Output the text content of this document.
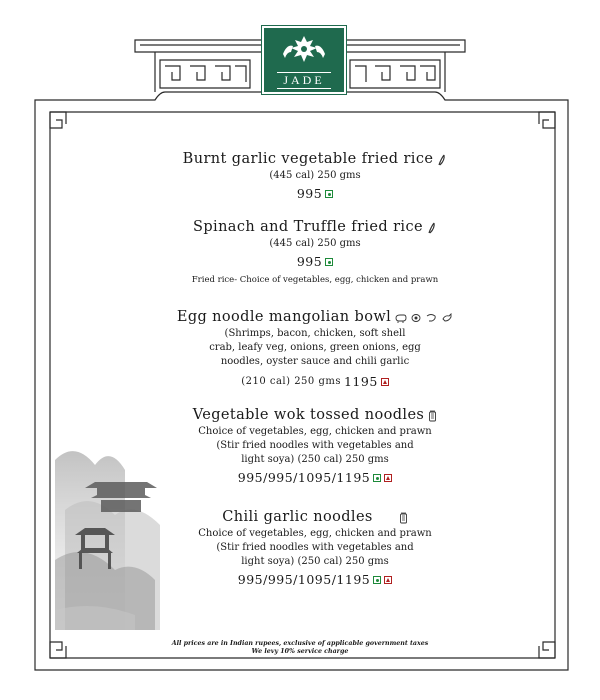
JADE
Burnt garlic vegetable fried rice
(445 cal) 250 gms
995
Spinach and Truffle fried rice
(445 cal) 250 gms
995
Fried rice- Choice of vegetables, egg, chicken and prawn
Egg noodle mangolian bowl
(Shrimps, bacon, chicken, soft shell
crab, leafy veg, onions, green onions, egg
noodles, oyster sauce and chili garlic
(210 cal) 250 gms 1195
Vegetable wok tossed noodles
Choice of vegetables, egg, chicken and prawn
(Stir fried noodles with vegetables and
light soya) (250 cal) 250 gms
995/995/1095/1195
Chili garlic noodles
Choice of vegetables, egg, chicken and prawn
(Stir fried noodles with vegetables and
light soya) (250 cal) 250 gms
995/995/1095/1195
All prices are in Indian rupees, exclusive of applicable government taxes
We levy 10% service charge
